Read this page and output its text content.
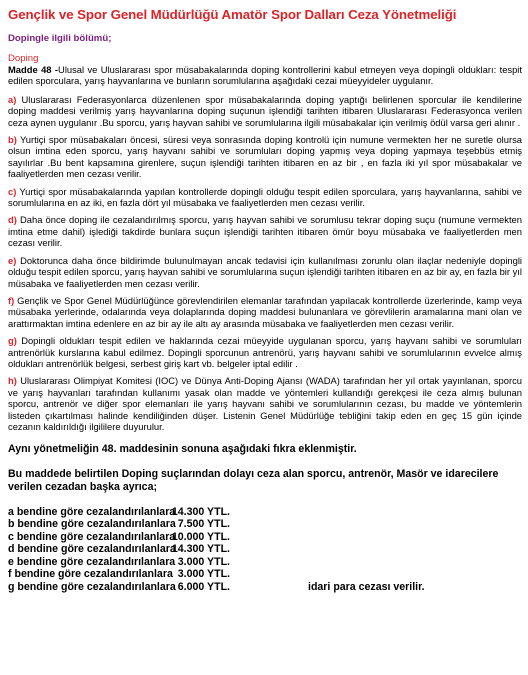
Gençlik ve Spor Genel Müdürlüğü Amatör Spor Dalları Ceza Yönetmeliği
Dopingle ilgili bölümü;
Doping

Madde 48 -Ulusal ve Uluslararası spor müsabakalarında doping kontrollerini kabul etmeyen veya dopingli oldukları: tespit edilen sporculara, yarış hayvanlarına ve bunların sorumlularına aşağıdaki cezai müeyyideler uygulanır.

a) Uluslararası Federasyonlarca düzenlenen spor müsabakalarında doping yaptığı belirlenen sporcular ile kendilerine doping maddesi verilmiş yarış hayvanlarına doping suçunun işlendiği tarihten itibaren Uluslararası Federasyonca verilen ceza aynen uygulanır .Bu sporcu, yarış hayvan sahibi ve sorumlularına ilgili müsabakalar için verilmiş ödül varsa geri alınır .

b) Yurtiçi spor müsabakaları öncesi, süresi veya sonrasında doping kontrolü için numune vermekten her ne suretle olursa olsun imtina eden sporcu, yarış hayvanı sahibi ve sorumluları doping yapmış veya doping yapmaya teşebbüs etmiş sayılırlar .Bu bent kapsamına girenlere, suçun işlendiği tarihten itibaren en az bir , en fazla iki yıl spor müsabakalar ve faaliyetlerden men cezası verilir.

c) Yurtiçi spor müsabakalarında yapılan kontrollerde dopingli olduğu tespit edilen sporculara, yarış hayvanlarına, sahibi ve sorumlularına en az iki, en fazla dört yıl müsabaka ve faaliyetlerden men cezası verilir.

d) Daha önce doping ile cezalandırılmış sporcu, yarış hayvan sahibi ve sorumlusu tekrar doping suçu (numune vermekten imtina etme dahil) işlediği takdirde bunlara suçun işlendiği tarihten itibaren ömür boyu müsabaka ve faaliyetlerden men cezası verilir.

e) Doktorunca daha önce bildirimde bulunulmayan ancak tedavisi için kullanılması zorunlu olan ilaçlar nedeniyle dopingli olduğu tespit edilen sporcu, yarış hayvan sahibi ve sorumlularına suçun işlendiği tarihten itibaren en az bir ay, en fazla bir yıl müsabaka ve faaliyetlerden men cezası verilir.

f) Gençlik ve Spor Genel Müdürlüğünce görevlendirilen elemanlar tarafından yapılacak kontrollerde üzerlerinde, kamp veya müsabaka yerlerinde, odalarında veya dolaplarında doping maddesi bulunanlara ve görevlilerin aramalarına mani olan ve arattırmaktan imtina edenlere en az bir ay ile altı ay arasında müsabaka ve faaliyetlerden men cezası verilir.

g) Dopingli oldukları tespit edilen ve haklarında cezai müeyyide uygulanan sporcu, yarış hayvanı sahibi ve sorumluları antrenörlük kurslarına kabul edilmez. Dopingli sporcunun antrenörü, yarış hayvanı sahibi ve sorumlularının evvelce almış oldukları antrenörlük belgesi, serbest giriş kart vb. belgeler iptal edilir .

h) Uluslararası Olimpiyat Komitesi (IOC) ve Dünya Anti-Doping Ajansı (WADA) tarafından her yıl ortak yayınlanan, sporcu ve yarış hayvanları tarafından kullanımı yasak olan madde ve yöntemleri kullandığı gerekçesi ile ceza almış bulunan sporcu, antrenör ve diğer spor elemanları ile yarış hayvanı sahibi ve sorumlularının cezası, bu madde ve yöntemlerin listeden çıkartılması halinde kendiliğinden düşer. Listenin Genel Müdürlüğe tebliğini takip eden en geç 15 gün içinde cezanın kaldırıldığı ilgililere duyurulur.

Aynı yönetmeliğin 48. maddesinin sonuna aşağıdaki fıkra eklenmiştir.
Bu maddede belirtilen Doping suçlarından dolayı ceza alan sporcu, antrenör, Masör ve idarecilere verilen cezadan başka ayrıca;
a bendine göre cezalandırılanlara
14.300 YTL.
b bendine göre cezalandırılanlara 7.500 YTL.
c bendine göre cezalandırılanlara
10.000 YTL.
d bendine göre cezalandırılanlara
14.300 YTL.
e bendine göre cezalandırılanlara 3.000 YTL.
f bendine göre cezalandırılanlara 3.000 YTL.
g bendine göre cezalandırılanlara 6.000 YTL.	idari para cezası verilir.
